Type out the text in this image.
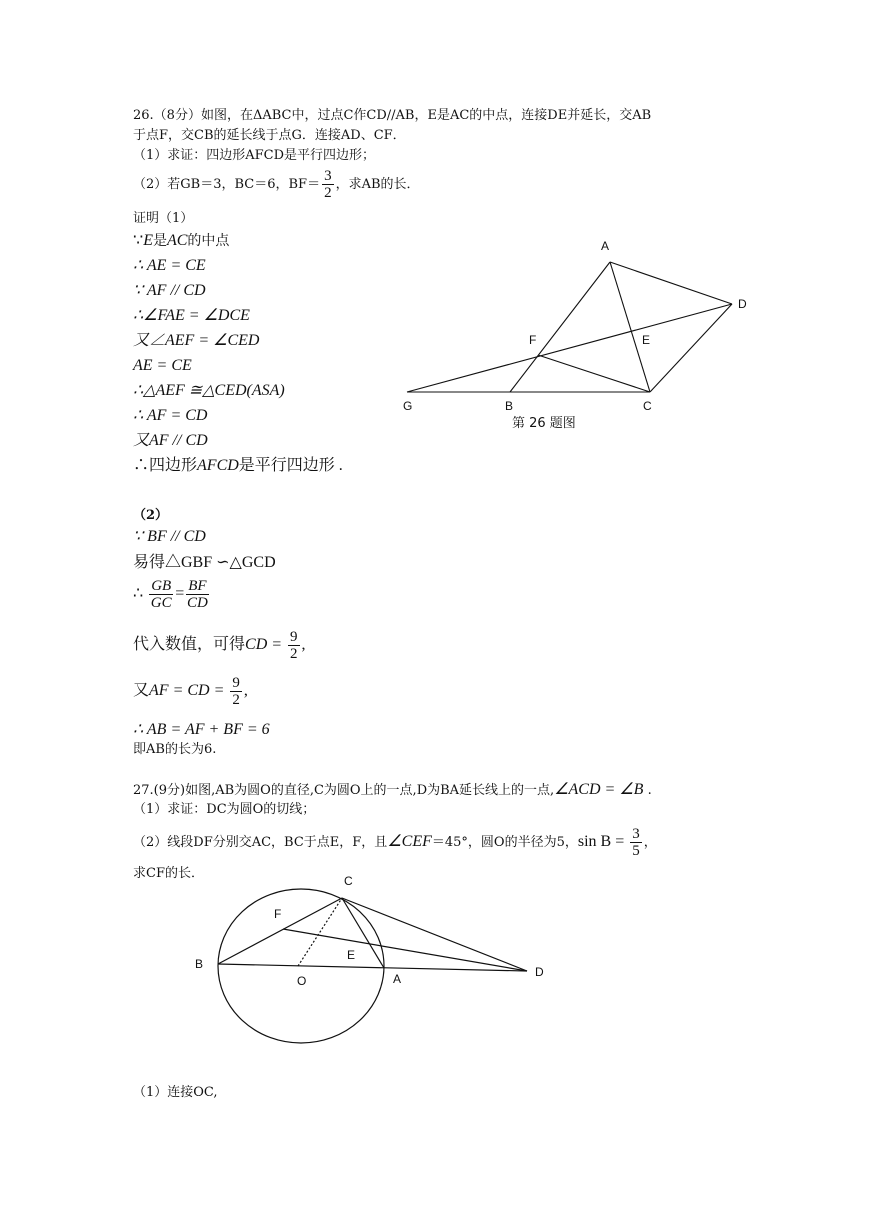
26.（8分）如图，在ΔABC中，过点C作CD//AB，E是AC的中点，连接DE并延长，交AB
于点F，交CB的延长线于点G．连接AD、CF．
（1）求证：四边形AFCD是平行四边形；
（2）若GB＝3，BC＝6，$BF= \frac{3}{2}$ ，求AB的长．
证明（1）
∵E是AC的中点
∴ AE = CE
∵ AF // CD
∴∠FAE = ∠DCE
又∠AEF = ∠CED
AE = CE
∴△AEF ≅△CED(ASA)
∴ AF = CD
又AF // CD
∴四边形AFCD是平行四边形 .
A
D
F	E
G	B	C
第 26 题图
（2）
∵ BF // CD
易得△GBF ∽△GCD
∴ $\frac{GB}{GC} = \frac{BF}{CD}$
代入数值，可得CD = $\frac{9}{2}$ ,
又AF = CD = $\frac{9}{2}$ ,
∴ AB = AF + BF = 6
即AB的长为6.
27.(9分)如图,AB为圆O的直径,C为圆O上的一点,D为BA延长线上的一点,∠ACD = ∠B .
（1）求证：DC为圆O的切线；
（2）线段DF分别交AC，BC于点E，F，且∠CEF＝45°，圆O的半径为5，$\sin B = \frac{3}{5}$ ，
求CF的长．	C
F
B
E
O	A	D
（1）连接OC,
